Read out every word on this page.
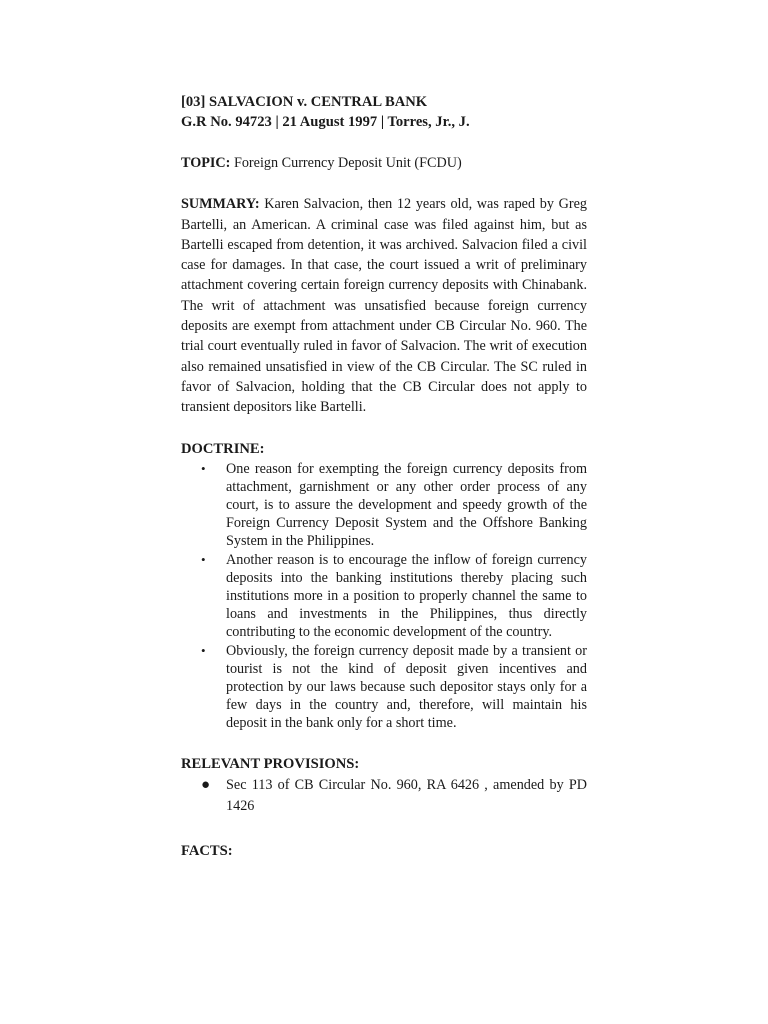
[03] SALVACION v. CENTRAL BANK
G.R No. 94723 | 21 August 1997 | Torres, Jr., J.
TOPIC: Foreign Currency Deposit Unit (FCDU)
SUMMARY: Karen Salvacion, then 12 years old, was raped by Greg Bartelli, an American. A criminal case was filed against him, but as Bartelli escaped from detention, it was archived. Salvacion filed a civil case for damages. In that case, the court issued a writ of preliminary attachment covering certain foreign currency deposits with Chinabank. The writ of attachment was unsatisfied because foreign currency deposits are exempt from attachment under CB Circular No. 960. The trial court eventually ruled in favor of Salvacion. The writ of execution also remained unsatisfied in view of the CB Circular. The SC ruled in favor of Salvacion, holding that the CB Circular does not apply to transient depositors like Bartelli.
DOCTRINE:
• One reason for exempting the foreign currency deposits from attachment, garnishment or any other order process of any court, is to assure the development and speedy growth of the Foreign Currency Deposit System and the Offshore Banking System in the Philippines.
• Another reason is to encourage the inflow of foreign currency deposits into the banking institutions thereby placing such institutions more in a position to properly channel the same to loans and investments in the Philippines, thus directly contributing to the economic development of the country.
• Obviously, the foreign currency deposit made by a transient or tourist is not the kind of deposit given incentives and protection by our laws because such depositor stays only for a few days in the country and, therefore, will maintain his deposit in the bank only for a short time.
RELEVANT PROVISIONS:
● Sec 113 of CB Circular No. 960, RA 6426 , amended by PD 1426
FACTS:
